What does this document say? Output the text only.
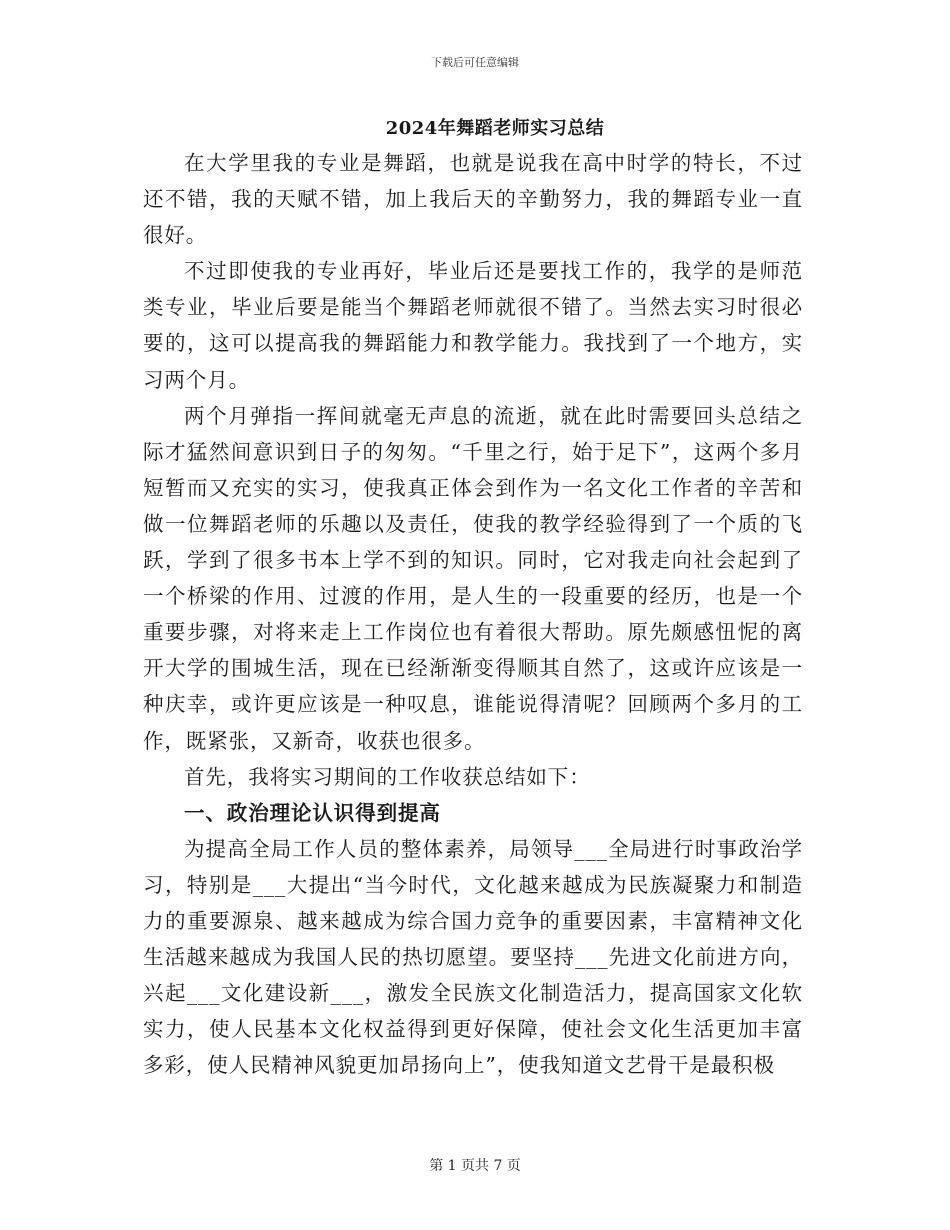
下载后可任意编辑
2024年舞蹈老师实习总结

在大学里我的专业是舞蹈，也就是说我在高中时学的特长，不过还不错，我的天赋不错，加上我后天的辛勤努力，我的舞蹈专业一直很好。

不过即使我的专业再好，毕业后还是要找工作的，我学的是师范类专业，毕业后要是能当个舞蹈老师就很不错了。当然去实习时很必要的，这可以提高我的舞蹈能力和教学能力。我找到了一个地方，实习两个月。

两个月弹指一挥间就毫无声息的流逝，就在此时需要回头总结之际才猛然间意识到日子的匆匆。“千里之行，始于足下”，这两个多月短暂而又充实的实习，使我真正体会到作为一名文化工作者的辛苦和做一位舞蹈老师的乐趣以及责任，使我的教学经验得到了一个质的飞跃，学到了很多书本上学不到的知识。同时，它对我走向社会起到了一个桥梁的作用、过渡的作用，是人生的一段重要的经历，也是一个重要步骤，对将来走上工作岗位也有着很大帮助。原先颇感忸怩的离开大学的围城生活，现在已经渐渐变得顺其自然了，这或许应该是一种庆幸，或许更应该是一种叹息，谁能说得清呢？回顾两个多月的工作，既紧张，又新奇，收获也很多。

首先，我将实习期间的工作收获总结如下：

一、政治理论认识得到提高

为提高全局工作人员的整体素养，局领导___全局进行时事政治学习，特别是___大提出“当今时代，文化越来越成为民族凝聚力和制造力的重要源泉、越来越成为综合国力竞争的重要因素，丰富精神文化生活越来越成为我国人民的热切愿望。要坚持___先进文化前进方向，兴起___文化建设新___，激发全民族文化制造活力，提高国家文化软实力，使人民基本文化权益得到更好保障，使社会文化生活更加丰富多彩，使人民精神风貌更加昂扬向上”，使我知道文艺骨干是最积极

第 1 页共 7 页
